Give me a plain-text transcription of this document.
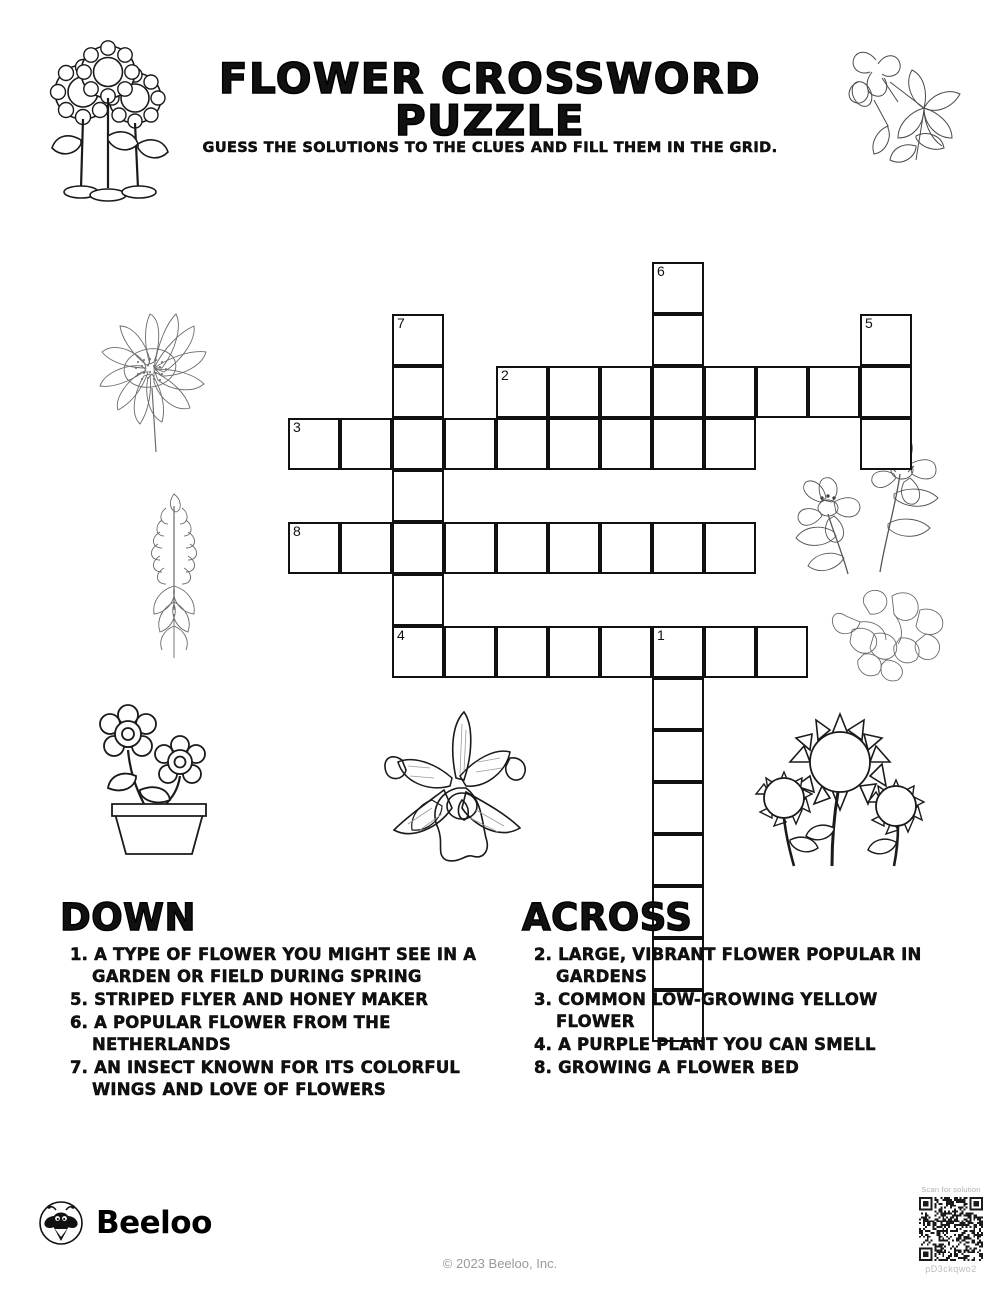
FLOWER CROSSWORD PUZZLE
GUESS THE SOLUTIONS TO THE CLUES AND FILL THEM IN THE GRID.
6
7
4
5
2
3
8
1
DOWN
1. A TYPE OF FLOWER YOU MIGHT SEE IN A GARDEN OR FIELD DURING SPRING
5. STRIPED FLYER AND HONEY MAKER
6. A POPULAR FLOWER FROM THE NETHERLANDS
7. AN INSECT KNOWN FOR ITS COLORFUL WINGS AND LOVE OF FLOWERS
ACROSS
2. LARGE, VIBRANT FLOWER POPULAR IN GARDENS
3. COMMON LOW-GROWING YELLOW FLOWER
4. A PURPLE PLANT YOU CAN SMELL
8. GROWING A FLOWER BED
Beeloo
© 2023 Beeloo, Inc.
Scan for solution
pD3ckqwo2
